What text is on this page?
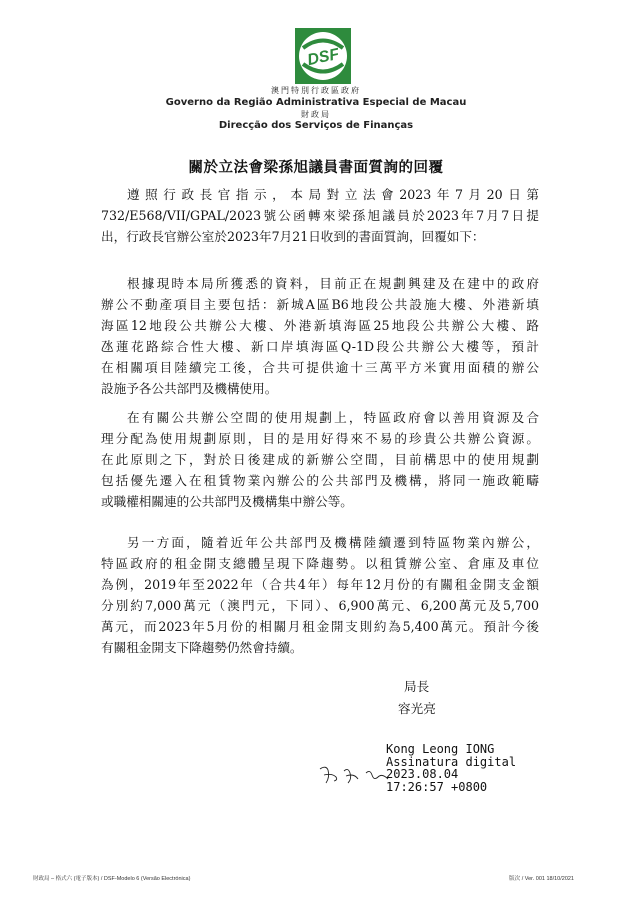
DSF
澳門特別行政區政府
Governo da Região Administrativa Especial de Macau
財政局
Direcção dos Serviços de Finanças
關於立法會梁孫旭議員書面質詢的回覆
遵照行政長官指示，本局對立法會2023年7月20日第
732/E568/VII/GPAL/2023號公函轉來梁孫旭議員於2023年7月7日提
出，行政長官辦公室於2023年7月21日收到的書面質詢，回覆如下：
根據現時本局所獲悉的資料，目前正在規劃興建及在建中的政府
辦公不動產項目主要包括：新城A區B6地段公共設施大樓、外港新填
海區12地段公共辦公大樓、外港新填海區25地段公共辦公大樓、路
氹蓮花路綜合性大樓、新口岸填海區Q-1D段公共辦公大樓等，預計
在相關項目陸續完工後，合共可提供逾十三萬平方米實用面積的辦公
設施予各公共部門及機構使用。
在有關公共辦公空間的使用規劃上，特區政府會以善用資源及合
理分配為使用規劃原則，目的是用好得來不易的珍貴公共辦公資源。
在此原則之下，對於日後建成的新辦公空間，目前構思中的使用規劃
包括優先遷入在租賃物業內辦公的公共部門及機構，將同一施政範疇
或職權相關連的公共部門及機構集中辦公等。
另一方面，隨着近年公共部門及機構陸續遷到特區物業內辦公，
特區政府的租金開支總體呈現下降趨勢。以租賃辦公室、倉庫及車位
為例，2019年至2022年（合共4年）每年12月份的有關租金開支金額
分別約7,000萬元（澳門元，下同）、6,900萬元、6,200萬元及5,700
萬元，而2023年5月份的相關月租金開支則約為5,400萬元。預計今後
有關租金開支下降趨勢仍然會持續。
局長
容光亮
Kong Leong IONG
Assinatura digital
2023.08.04
17:26:57 +0800
財政局 – 格式六 (電子版本) / DSF-Modelo 6 (Versão Electrónica)	版次 / Ver. 001 18/10/2021
